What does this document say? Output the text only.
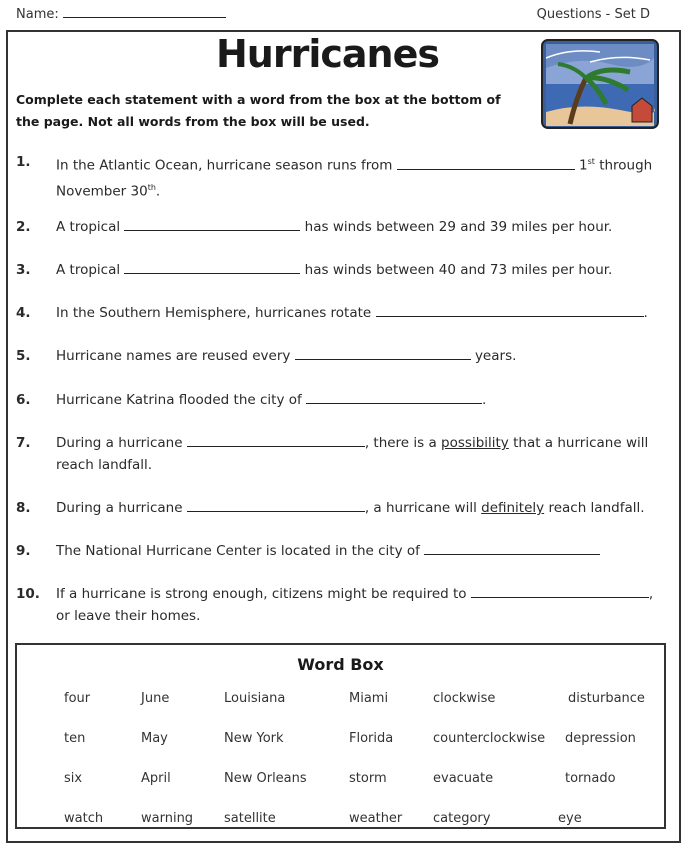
Name:	Questions - Set D
Hurricanes
Complete each statement with a word from the box at the bottom of the page. Not all words from the box will be used.
1.	In the Atlantic Ocean, hurricane season runs from	1st through November 30th.
2.	A tropical	has winds between 29 and 39 miles per hour.
3.	A tropical	has winds between 40 and 73 miles per hour.
4.	In the Southern Hemisphere, hurricanes rotate	.
5.	Hurricane names are reused every	years.
6.	Hurricane Katrina flooded the city of	.
7.	During a hurricane	, there is a possibility that a hurricane will reach landfall.
8.	During a hurricane	, a hurricane will definitely reach landfall.
9.	The National Hurricane Center is located in the city of
10.	If a hurricane is strong enough, citizens might be required to	, or leave their homes.
Word Box
four	June	Louisiana	Miami	clockwise	disturbance
ten	May	New York	Florida	counterclockwise depression
six	April	New Orleans	storm	evacuate	tornado
watch	warning satellite	weather category	eye
